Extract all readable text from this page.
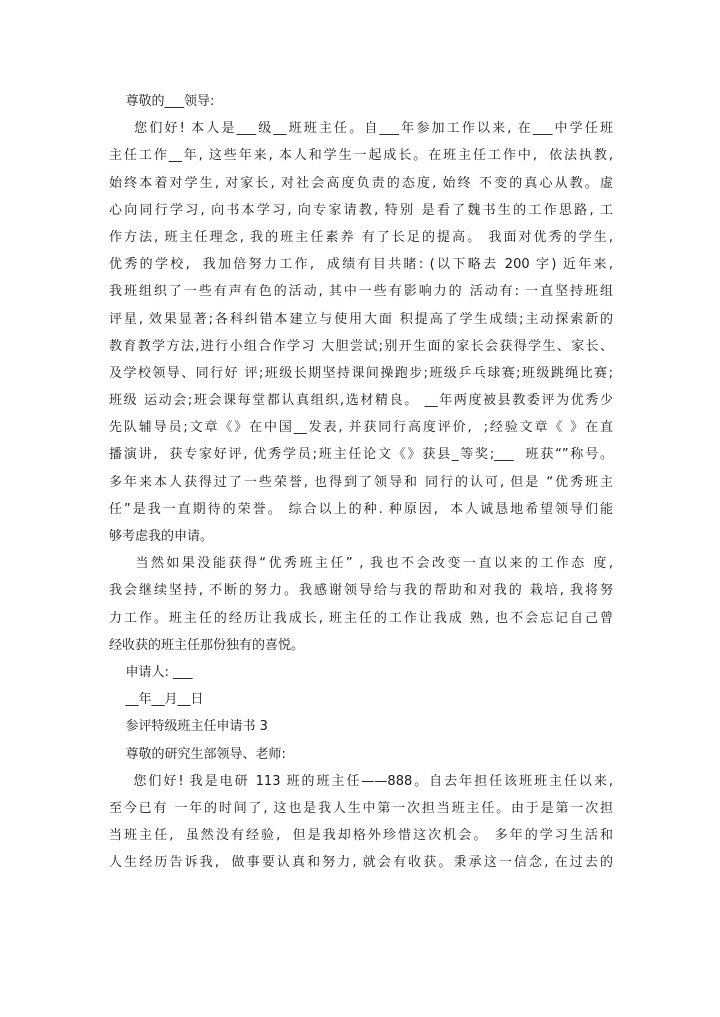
尊敬的___领导:
您们好! 本人是___级__班班主任。自___年参加工作以来, 在___中学任班
主任工作__年, 这些年来, 本人和学生一起成长。在班主任工作中,  依法执教,
始终本着对学生, 对家长, 对社会高度负责的态度, 始终 不变的真心从教。虚
心向同行学习, 向书本学习, 向专家请教, 特别 是看了魏书生的工作思路, 工
作方法, 班主任理念, 我的班主任素养 有了长足的提高。 我面对优秀的学生,
优秀的学校,  我加倍努力工作,  成绩有目共睹: (以下略去 200 字) 近年来,
我班组织了一些有声有色的活动, 其中一些有影响力的 活动有: 一直坚持班组
评星, 效果显著;各科纠错本建立与使用大面 积提高了学生成绩;主动探索新的
教育教学方法,进行小组合作学习 大胆尝试;别开生面的家长会获得学生、家长、
及学校领导、同行好 评;班级长期坚持课间操跑步;班级乒乓球赛;班级跳绳比赛;
班级 运动会;班会课每堂都认真组织,选材精良。 __年两度被县教委评为优秀少
先队辅导员;文章《》在中国__发表, 并获同行高度评价,  ;经验文章《 》在直
播演讲,  获专家好评, 优秀学员;班主任论文《》获县_等奖;___  班获“”称号。
多年来本人获得过了一些荣誉, 也得到了领导和 同行的认可, 但是 “优秀班主
任”是我一直期待的荣誉。 综合以上的种. 种原因,  本人诚恳地希望领导们能
够考虑我的申请。
当然如果没能获得“优秀班主任” , 我也不会改变一直以来的工作态 度,
我会继续坚持, 不断的努力。我感谢领导给与我的帮助和对我的 栽培, 我将努
力工作。班主任的经历让我成长, 班主任的工作让我成 熟, 也不会忘记自己曾
经收获的班主任那份独有的喜悦。
申请人: ___
__年__月__日
参评特级班主任申请书 3
尊敬的研究生部领导、老师:
您们好! 我是电研 113 班的班主任——888。自去年担任该班班主任以来,
至今已有 一年的时间了, 这也是我人生中第一次担当班主任。由于是第一次担
当班主任,  虽然没有经验,  但是我却格外珍惜这次机会。 多年的学习生活和
人生经历告诉我,  做事要认真和努力, 就会有收获。秉承这一信念, 在过去的
